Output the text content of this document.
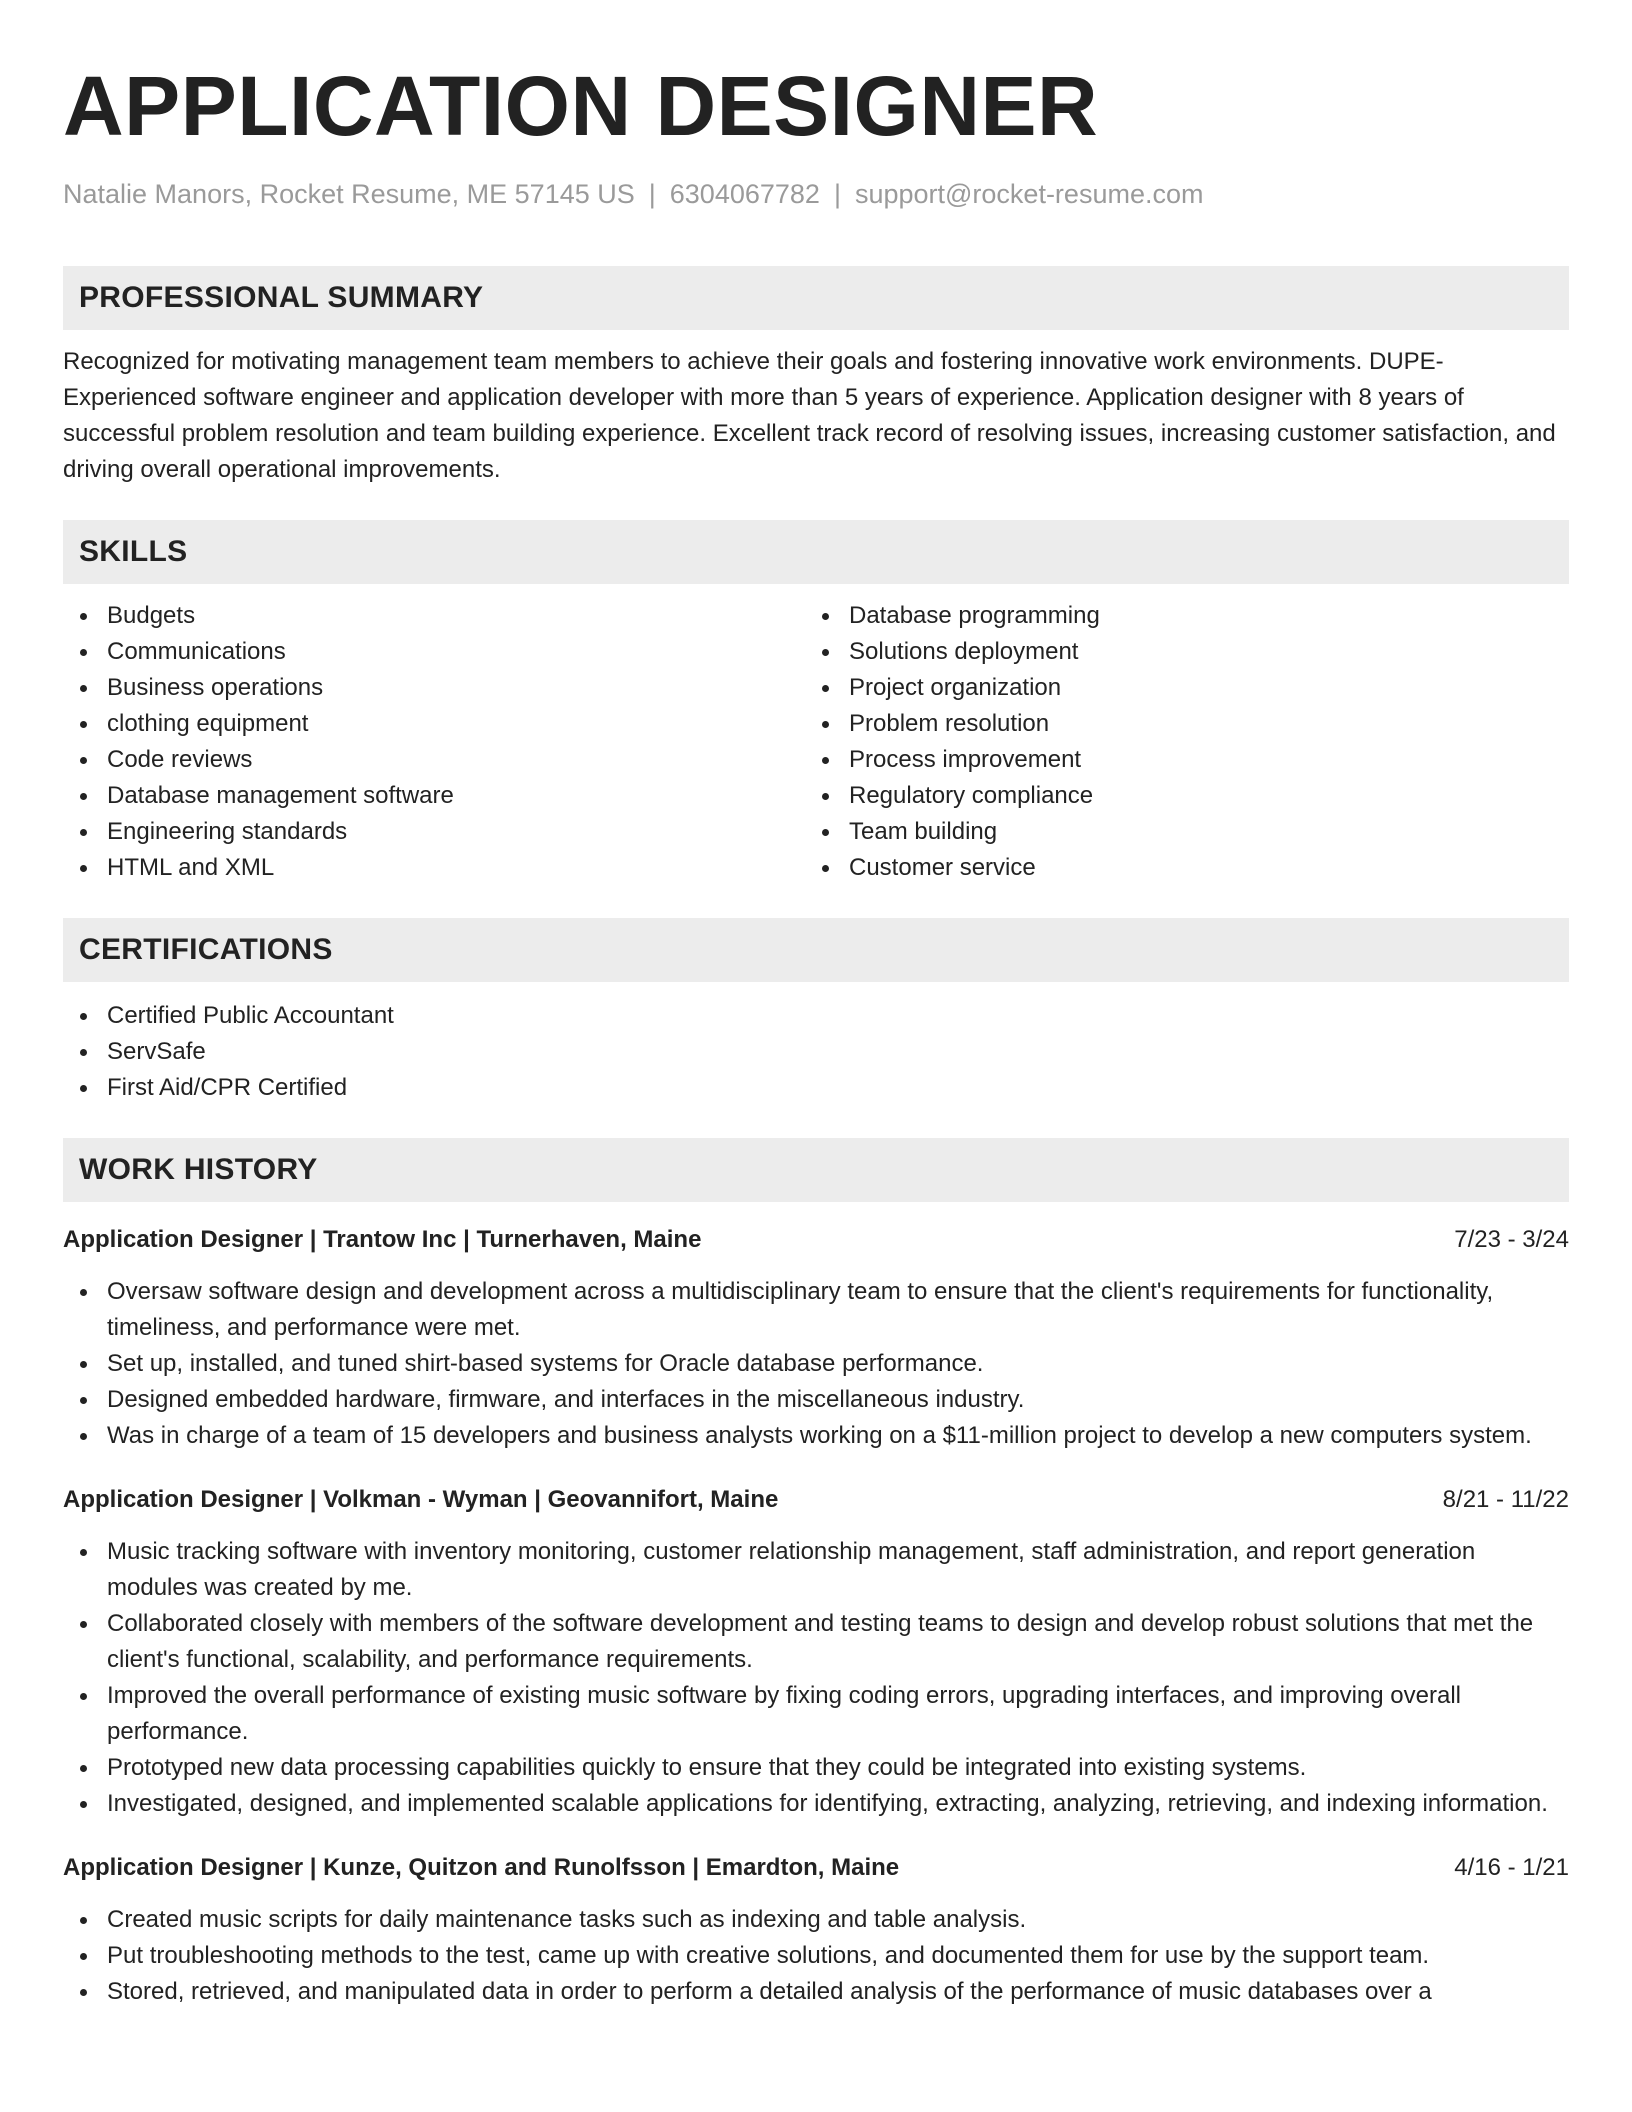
APPLICATION DESIGNER
Natalie Manors, Rocket Resume, ME 57145 US | 6304067782 | support@rocket-resume.com
PROFESSIONAL SUMMARY

Recognized for motivating management team members to achieve their goals and fostering innovative work environments. DUPE-Experienced software engineer and application developer with more than 5 years of experience. Application designer with 8 years of successful problem resolution and team building experience. Excellent track record of resolving issues, increasing customer satisfaction, and driving overall operational improvements.

SKILLS
Budgets
Communications
Business operations
clothing equipment
Code reviews
Database management software
Engineering standards
HTML and XML
Database programming
Solutions deployment
Project organization
Problem resolution
Process improvement
Regulatory compliance
Team building
Customer service
CERTIFICATIONS
Certified Public Accountant
ServSafe
First Aid/CPR Certified
WORK HISTORY
Application Designer | Trantow Inc | Turnerhaven, Maine	7/23 - 3/24
Oversaw software design and development across a multidisciplinary team to ensure that the client's requirements for functionality, timeliness, and performance were met.
Set up, installed, and tuned shirt-based systems for Oracle database performance.
Designed embedded hardware, firmware, and interfaces in the miscellaneous industry.
Was in charge of a team of 15 developers and business analysts working on a $11-million project to develop a new computers system.
Application Designer | Volkman - Wyman | Geovannifort, Maine	8/21 - 11/22
Music tracking software with inventory monitoring, customer relationship management, staff administration, and report generation modules was created by me.
Collaborated closely with members of the software development and testing teams to design and develop robust solutions that met the client's functional, scalability, and performance requirements.
Improved the overall performance of existing music software by fixing coding errors, upgrading interfaces, and improving overall performance.
Prototyped new data processing capabilities quickly to ensure that they could be integrated into existing systems.
Investigated, designed, and implemented scalable applications for identifying, extracting, analyzing, retrieving, and indexing information.
Application Designer | Kunze, Quitzon and Runolfsson | Emardton, Maine	4/16 - 1/21
Created music scripts for daily maintenance tasks such as indexing and table analysis.
Put troubleshooting methods to the test, came up with creative solutions, and documented them for use by the support team.
Stored, retrieved, and manipulated data in order to perform a detailed analysis of the performance of music databases over a
